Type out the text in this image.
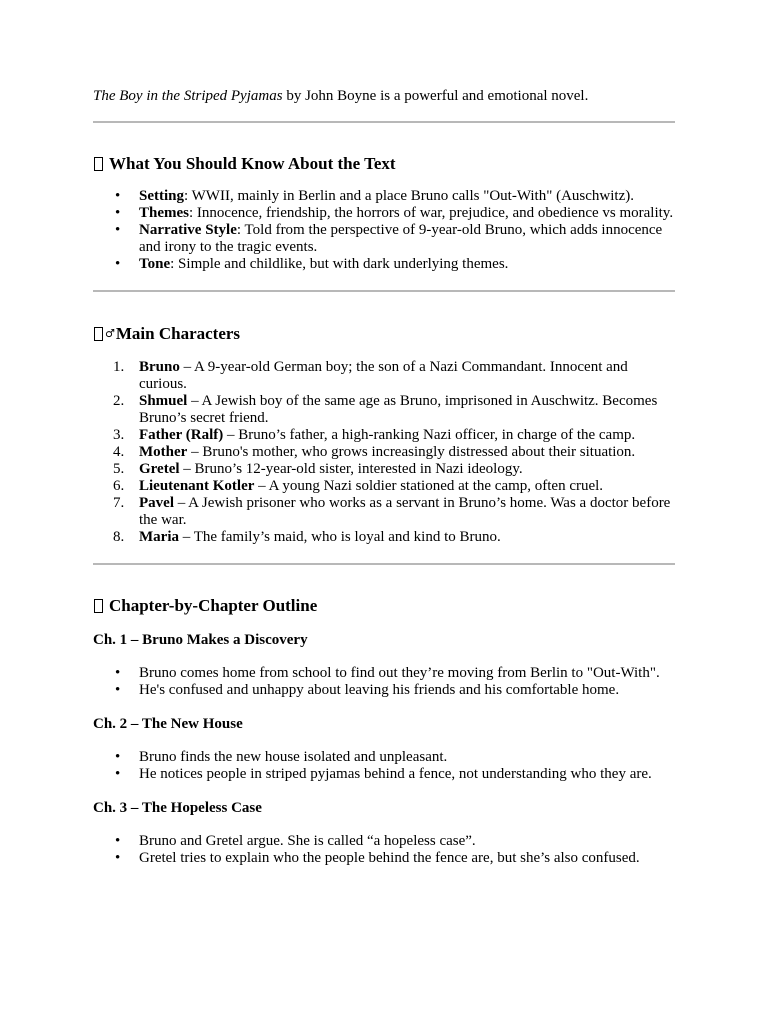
The Boy in the Striped Pyjamas by John Boyne is a powerful and emotional novel.

What You Should Know About the Text
• Setting: WWII, mainly in Berlin and a place Bruno calls "Out-With" (Auschwitz).
• Themes: Innocence, friendship, the horrors of war, prejudice, and obedience vs morality.
• Narrative Style: Told from the perspective of 9-year-old Bruno, which adds innocence and irony to the tragic events.
• Tone: Simple and childlike, but with dark underlying themes.
♂ Main Characters
1. Bruno – A 9-year-old German boy; the son of a Nazi Commandant. Innocent and curious.
2. Shmuel – A Jewish boy of the same age as Bruno, imprisoned in Auschwitz. Becomes Bruno’s secret friend.
3. Father (Ralf) – Bruno’s father, a high-ranking Nazi officer, in charge of the camp.
4. Mother – Bruno's mother, who grows increasingly distressed about their situation.
5. Gretel – Bruno’s 12-year-old sister, interested in Nazi ideology.
6. Lieutenant Kotler – A young Nazi soldier stationed at the camp, often cruel.
7. Pavel – A Jewish prisoner who works as a servant in Bruno’s home. Was a doctor before the war.
8. Maria – The family’s maid, who is loyal and kind to Bruno.
Chapter-by-Chapter Outline
Ch. 1 – Bruno Makes a Discovery
• Bruno comes home from school to find out they’re moving from Berlin to "Out-With".
• He's confused and unhappy about leaving his friends and his comfortable home.
Ch. 2 – The New House
• Bruno finds the new house isolated and unpleasant.
• He notices people in striped pyjamas behind a fence, not understanding who they are.
Ch. 3 – The Hopeless Case
• Bruno and Gretel argue. She is called “a hopeless case”.
• Gretel tries to explain who the people behind the fence are, but she’s also confused.
